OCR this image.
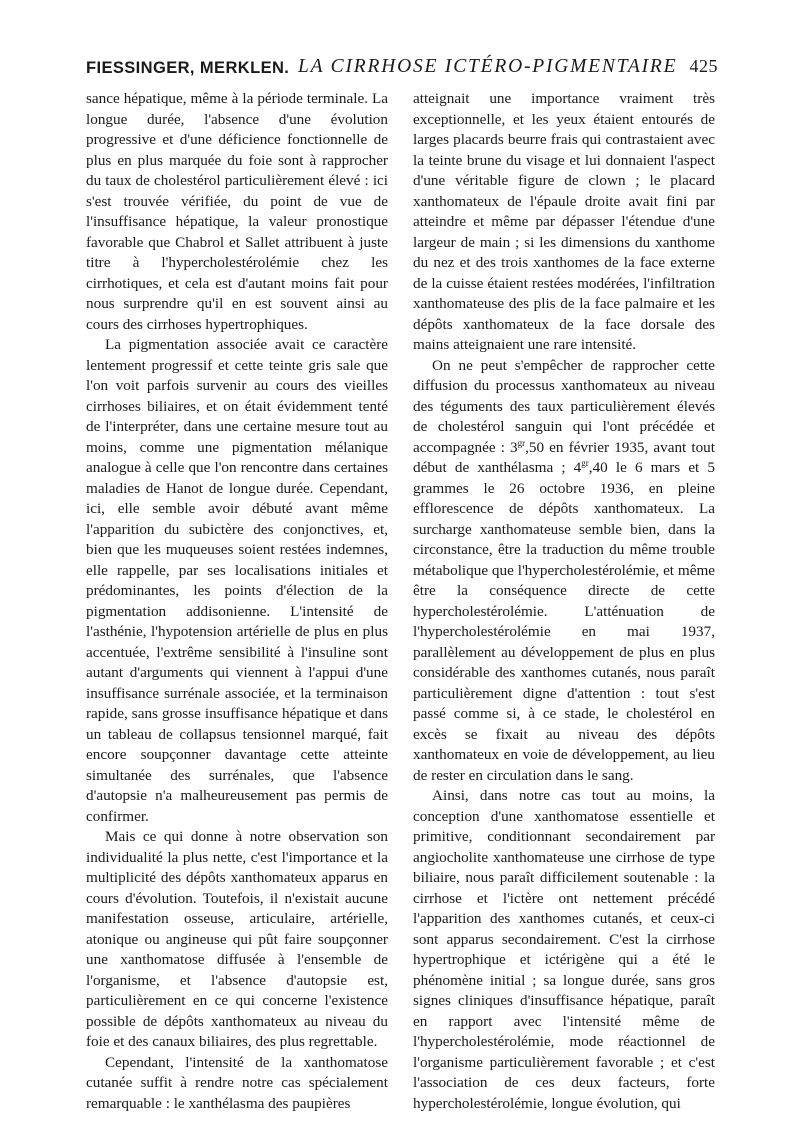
FIESSINGER, MERKLEN. LA CIRRHOSE ICTÉRO-PIGMENTAIRE 425

sance hépatique, même à la période terminale. La longue durée, l'absence d'une évolution progressive et d'une déficience fonctionnelle de plus en plus marquée du foie sont à rapprocher du taux de cholestérol particulièrement élevé : ici s'est trouvée vérifiée, du point de vue de l'insuffisance hépatique, la valeur pronostique favorable que Chabrol et Sallet attribuent à juste titre à l'hypercholestérolémie chez les cirrhotiques, et cela est d'autant moins fait pour nous surprendre qu'il en est souvent ainsi au cours des cirrhoses hypertrophiques.

La pigmentation associée avait ce caractère lentement progressif et cette teinte gris sale que l'on voit parfois survenir au cours des vieilles cirrhoses biliaires, et on était évidemment tenté de l'interpréter, dans une certaine mesure tout au moins, comme une pigmentation mélanique analogue à celle que l'on rencontre dans certaines maladies de Hanot de longue durée. Cependant, ici, elle semble avoir débuté avant même l'apparition du subictère des conjonctives, et, bien que les muqueuses soient restées indemnes, elle rappelle, par ses localisations initiales et prédominantes, les points d'élection de la pigmentation addisonienne. L'intensité de l'asthénie, l'hypotension artérielle de plus en plus accentuée, l'extrême sensibilité à l'insuline sont autant d'arguments qui viennent à l'appui d'une insuffisance surrénale associée, et la terminaison rapide, sans grosse insuffisance hépatique et dans un tableau de collapsus tensionnel marqué, fait encore soupçonner davantage cette atteinte simultanée des surrénales, que l'absence d'autopsie n'a malheureusement pas permis de confirmer.

Mais ce qui donne à notre observation son individualité la plus nette, c'est l'importance et la multiplicité des dépôts xanthomateux apparus en cours d'évolution. Toutefois, il n'existait aucune manifestation osseuse, articulaire, artérielle, atonique ou angineuse qui pût faire soupçonner une xanthomatose diffusée à l'ensemble de l'organisme, et l'absence d'autopsie est, particulièrement en ce qui concerne l'existence possible de dépôts xanthomateux au niveau du foie et des canaux biliaires, des plus regrettable.

Cependant, l'intensité de la xanthomatose cutanée suffit à rendre notre cas spécialement remarquable : le xanthélasma des paupières

atteignait une importance vraiment très exceptionnelle, et les yeux étaient entourés de larges placards beurre frais qui contrastaient avec la teinte brune du visage et lui donnaient l'aspect d'une véritable figure de clown ; le placard xanthomateux de l'épaule droite avait fini par atteindre et même par dépasser l'étendue d'une largeur de main ; si les dimensions du xanthome du nez et des trois xanthomes de la face externe de la cuisse étaient restées modérées, l'infiltration xanthomateuse des plis de la face palmaire et les dépôts xanthomateux de la face dorsale des mains atteignaient une rare intensité.

On ne peut s'empêcher de rapprocher cette diffusion du processus xanthomateux au niveau des téguments des taux particulièrement élevés de cholestérol sanguin qui l'ont précédée et accompagnée : $3^{gr},50$ en février 1935, avant tout début de xanthélasma ; $4^{gr},40$ le 6 mars et 5 grammes le 26 octobre 1936, en pleine efflorescence de dépôts xanthomateux. La surcharge xanthomateuse semble bien, dans la circonstance, être la traduction du même trouble métabolique que l'hypercholestérolémie, et même être la conséquence directe de cette hypercholestérolémie. L'atténuation de l'hypercholestérolémie en mai 1937, parallèlement au développement de plus en plus considérable des xanthomes cutanés, nous paraît particulièrement digne d'attention : tout s'est passé comme si, à ce stade, le cholestérol en excès se fixait au niveau des dépôts xanthomateux en voie de développement, au lieu de rester en circulation dans le sang.

Ainsi, dans notre cas tout au moins, la conception d'une xanthomatose essentielle et primitive, conditionnant secondairement par angiocholite xanthomateuse une cirrhose de type biliaire, nous paraît difficilement soutenable : la cirrhose et l'ictère ont nettement précédé l'apparition des xanthomes cutanés, et ceux-ci sont apparus secondairement. C'est la cirrhose hypertrophique et ictérigène qui a été le phénomène initial ; sa longue durée, sans gros signes cliniques d'insuffisance hépatique, paraît en rapport avec l'intensité même de l'hypercholestérolémie, mode réactionnel de l'organisme particulièrement favorable ; et c'est l'association de ces deux facteurs, forte hypercholestérolémie, longue évolution, qui
